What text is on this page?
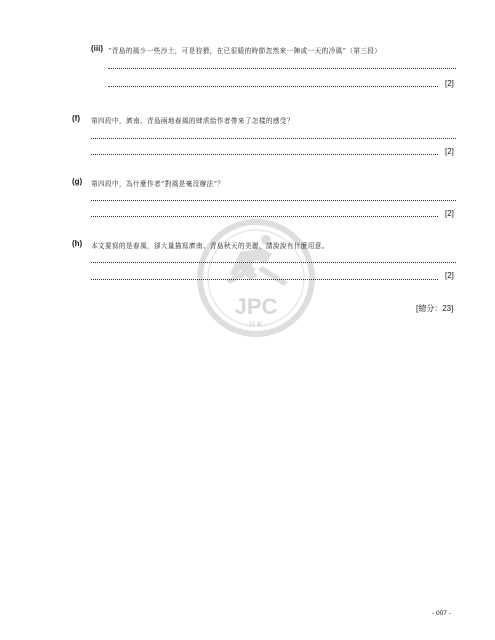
JPC
H K
(iii) “青島的風少一些沙土，可是狡猾，在已很暖的時節忽然來一陣或一天的冷風”（第三段）
[2]
(f) 第四段中，濟南、青島兩地春風的肆虐給作者帶來了怎樣的感受？
[2]
(g) 第四段中，為什麼作者“對風是毫沒辦法”？
[2]
(h) 本文要寫的是春風，卻大量描寫濟南、青島秋天的美麗，請說說有什麼用意。
[2]
[總分：23]
- 007 -
